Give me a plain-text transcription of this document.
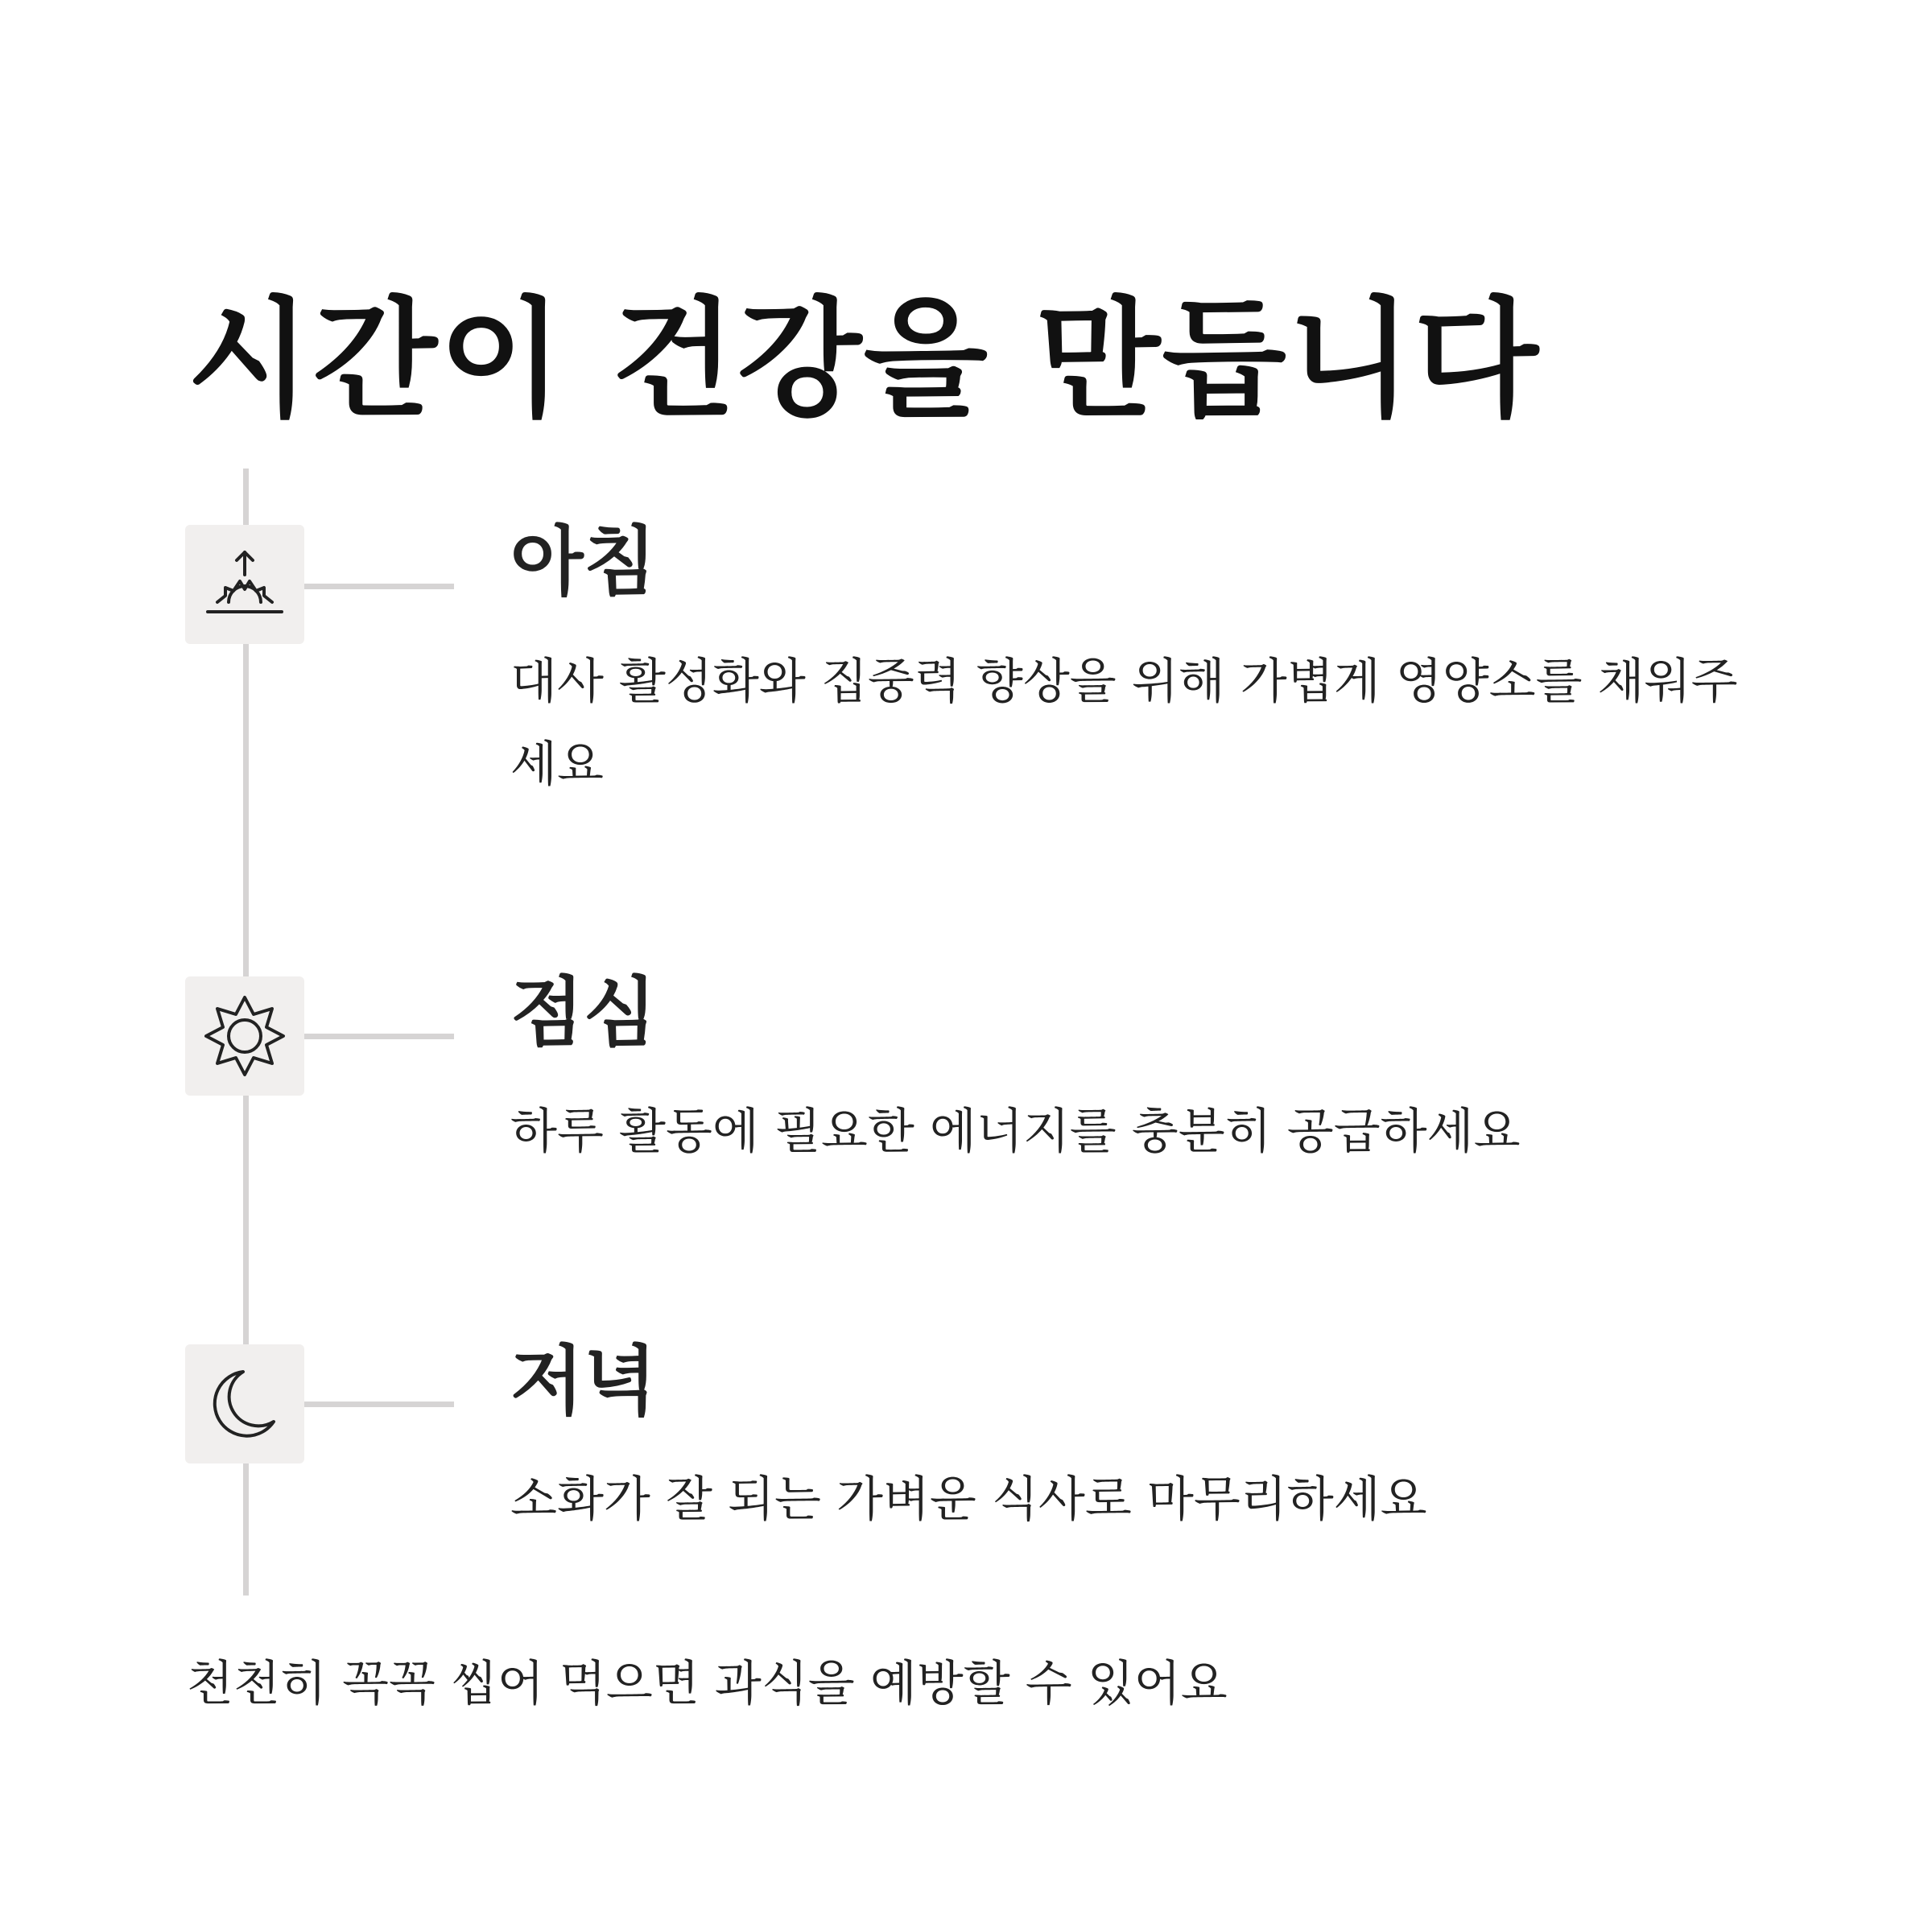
시간이 건강을 만듭니다
아침
대사 활성화와 집중력 향상을 위해 가볍게 영양소를 채워주세요
점심
하루 활동에 필요한 에너지를 충분히 공급하세요
저녁
소화가 잘 되는 가벼운 식사로 마무리하세요
천천히 꼭꼭 씹어 먹으면 과식을 예방할 수 있어요
